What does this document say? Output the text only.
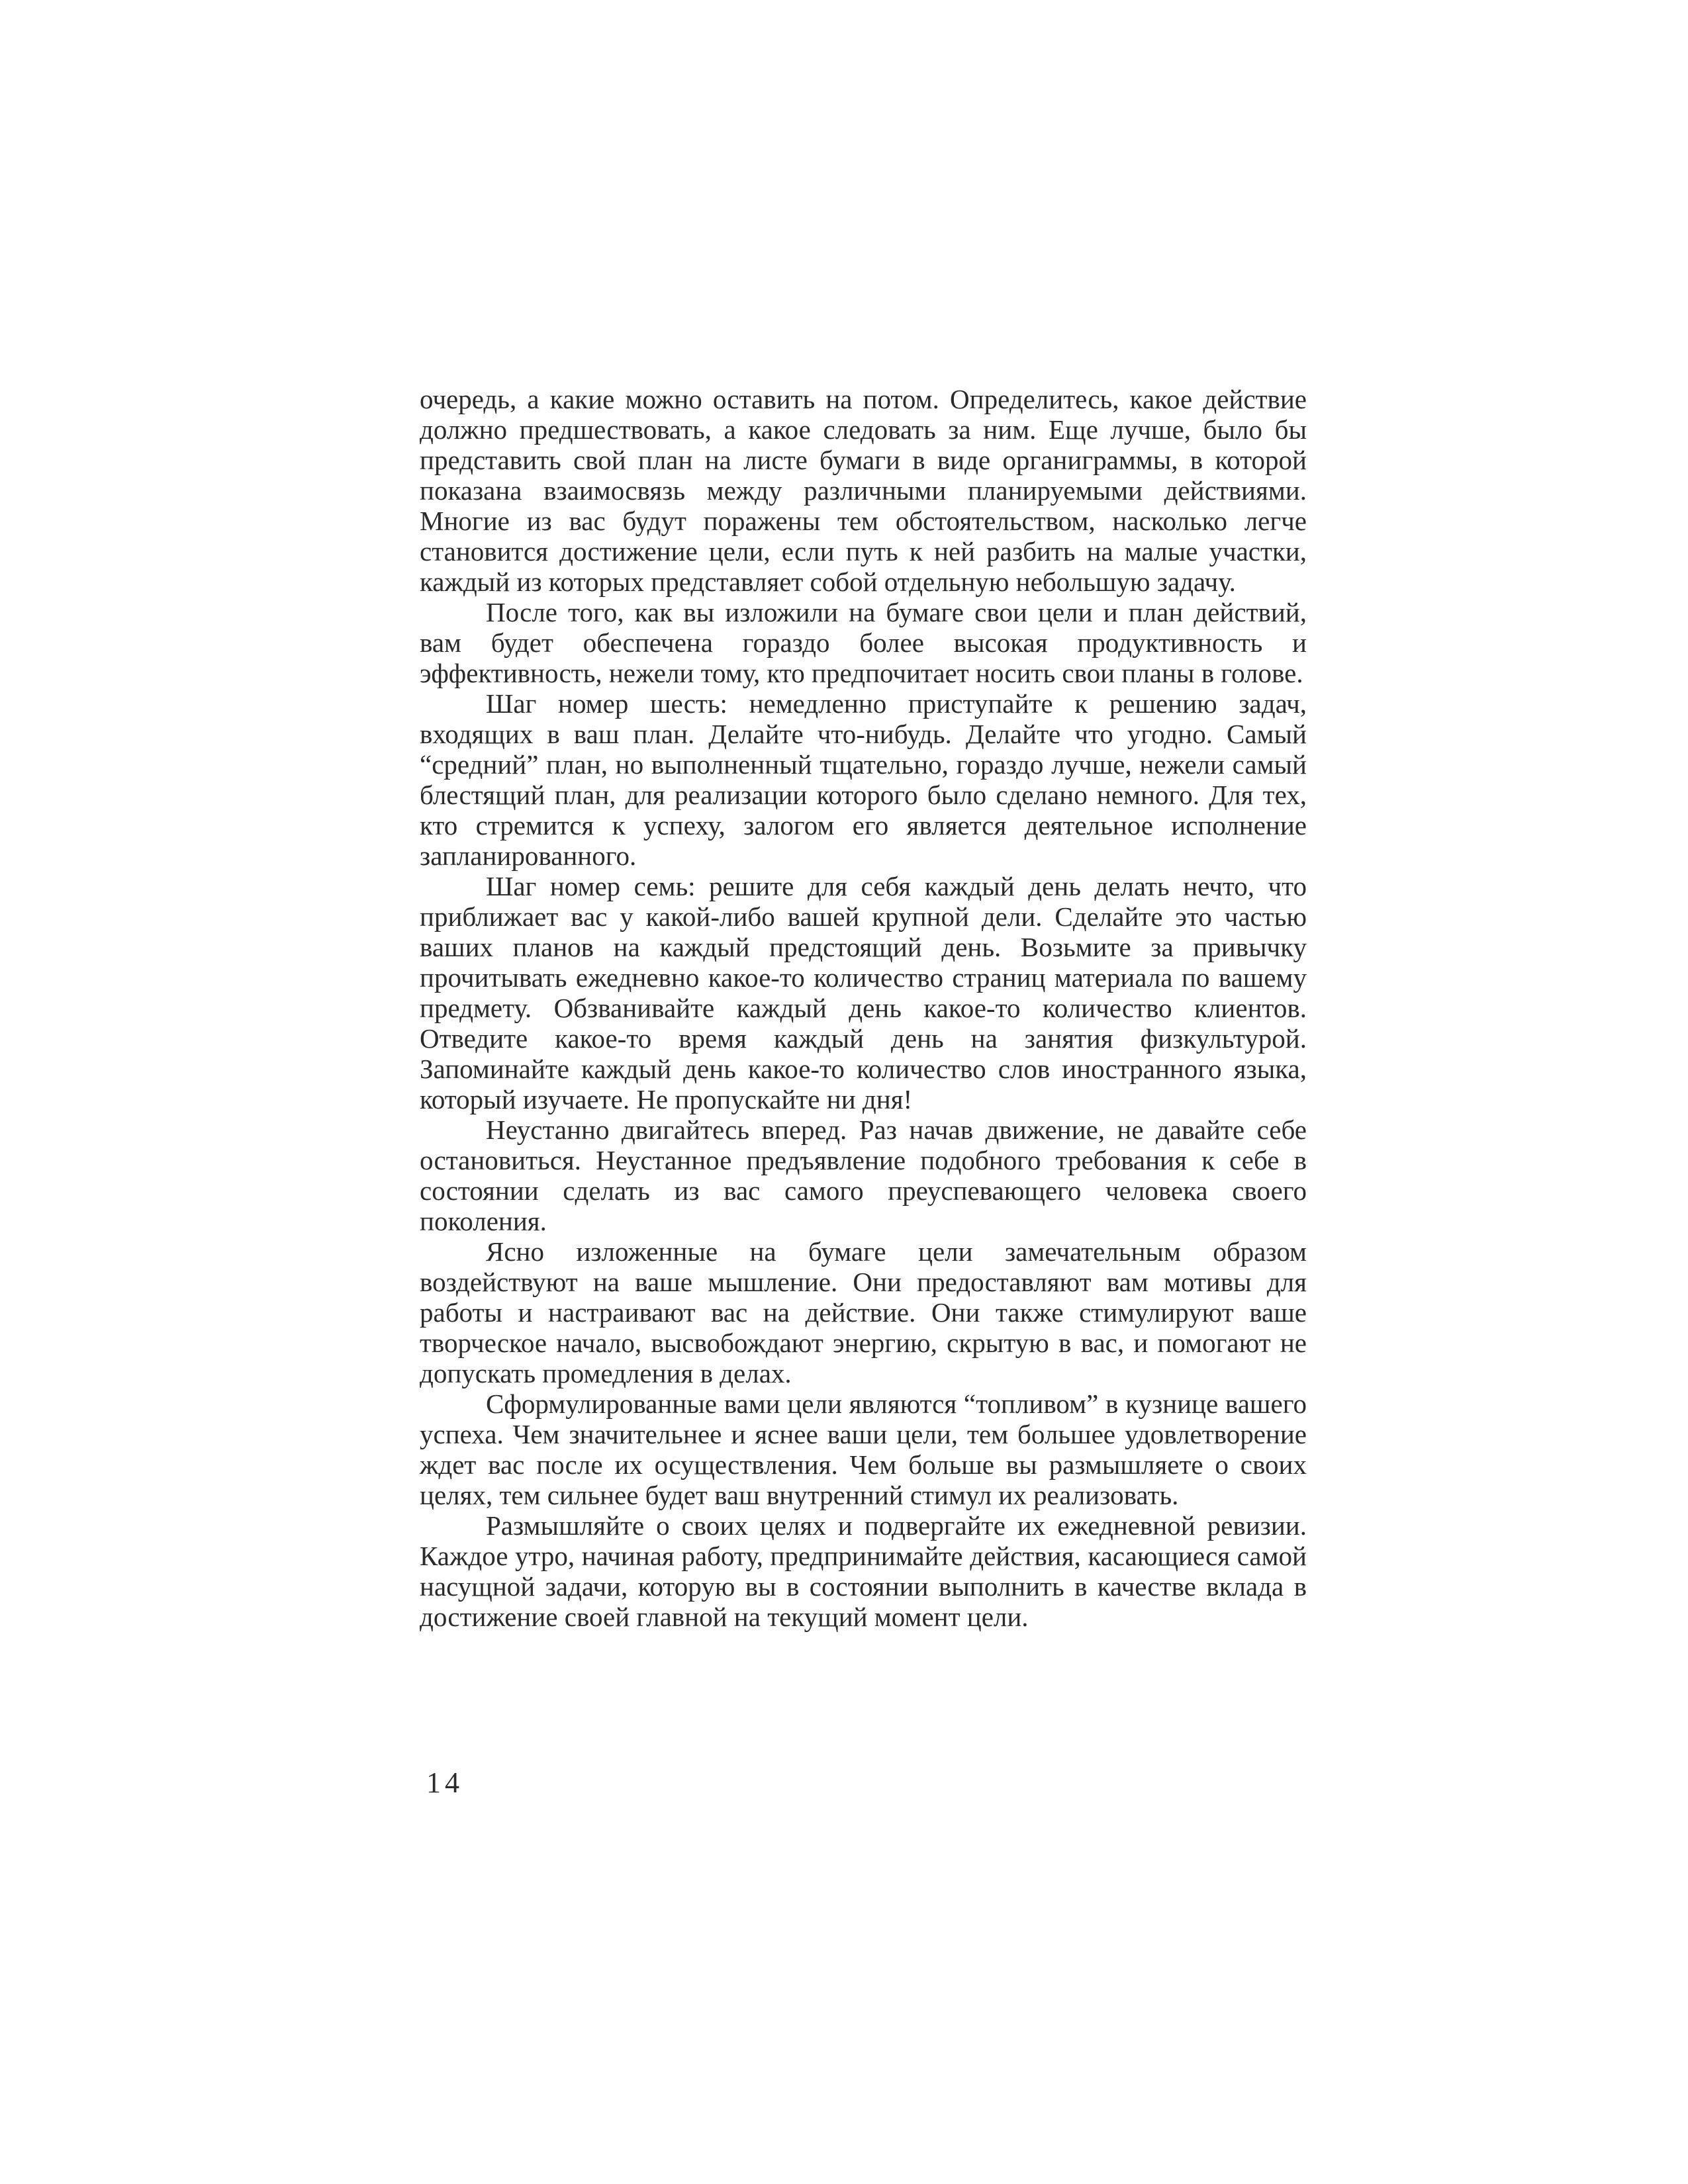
очередь, а какие можно оставить на потом. Определитесь, какое действие должно предшествовать, а какое следовать за ним. Еще лучше, было бы представить свой план на листе бумаги в виде органиграммы, в которой показана взаимосвязь между различными планируемыми действиями. Многие из вас будут поражены тем обстоятельством, насколько легче становится достижение цели, если путь к ней разбить на малые участки, каждый из которых представляет собой отдельную небольшую задачу.

После того, как вы изложили на бумаге свои цели и план действий, вам будет обеспечена гораздо более высокая продуктивность и эффективность, нежели тому, кто предпочитает носить свои планы в голове.

Шаг номер шесть: немедленно приступайте к решению задач, входящих в ваш план. Делайте что-нибудь. Делайте что угодно. Самый “средний” план, но выполненный тщательно, гораздо лучше, нежели самый блестящий план, для реализации которого было сделано немного. Для тех, кто стремится к успеху, залогом его является деятельное исполнение запланированного.

Шаг номер семь: решите для себя каждый день делать нечто, что приближает вас у какой-либо вашей крупной дели. Сделайте это частью ваших планов на каждый предстоящий день. Возьмите за привычку прочитывать ежедневно какое-то количество страниц материала по вашему предмету. Обзванивайте каждый день какое-то количество клиентов. Отведите какое-то время каждый день на занятия физкультурой. Запоминайте каждый день какое-то количество слов иностранного языка, который изучаете. Не пропускайте ни дня!

Неустанно двигайтесь вперед. Раз начав движение, не давайте себе остановиться. Неустанное предъявление подобного требования к себе в состоянии сделать из вас самого преуспевающего человека своего поколения.

Ясно изложенные на бумаге цели замечательным образом воздействуют на ваше мышление. Они предоставляют вам мотивы для работы и настраивают вас на действие. Они также стимулируют ваше творческое начало, высвобождают энергию, скрытую в вас, и помогают не допускать промедления в делах.

Сформулированные вами цели являются “топливом” в кузнице вашего успеха. Чем значительнее и яснее ваши цели, тем большее удовлетворение ждет вас после их осуществления. Чем больше вы размышляете о своих целях, тем сильнее будет ваш внутренний стимул их реализовать.

Размышляйте о своих целях и подвергайте их ежедневной ревизии. Каждое утро, начиная работу, предпринимайте действия, касающиеся самой насущной задачи, которую вы в состоянии выполнить в качестве вклада в достижение своей главной на текущий момент цели.

14
